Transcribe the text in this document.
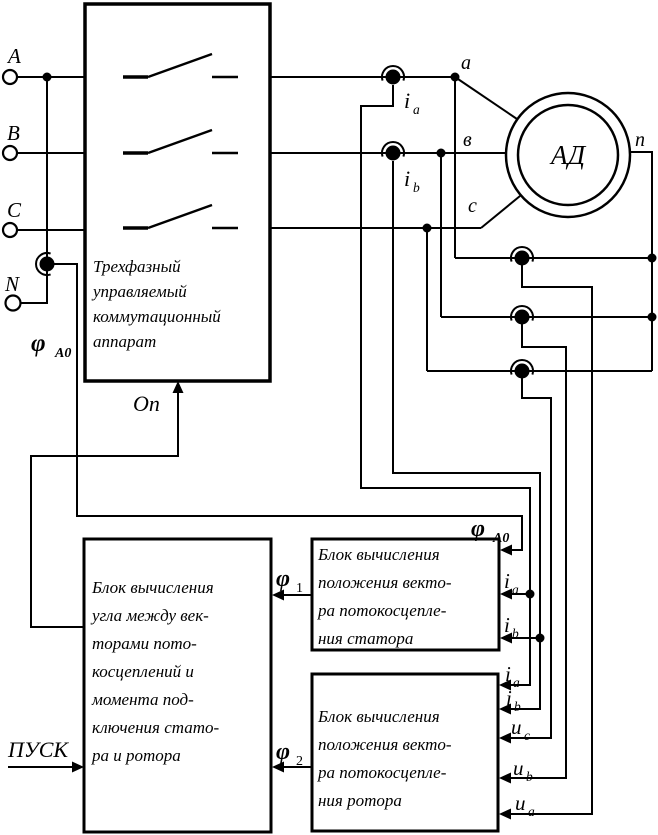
Трехфазный
управляемый
коммутационный
аппарат
A
B
C
N
АД
a
в
с
n
Блок вычисления
положения векто-
ра потокосцепле-
ния статора
Блок вычисления
положения векто-
ра потокосцепле-
ния ротора
Блок вычисления
угла между век-
торами пото-
косцеплений и
момента под-
ключения стато-
ра и ротора
i a
i b
φ A0
Оп
φ A0
i a
i b
i a
i b
u c
u b
u a
φ 1
φ 2
ПУСК
